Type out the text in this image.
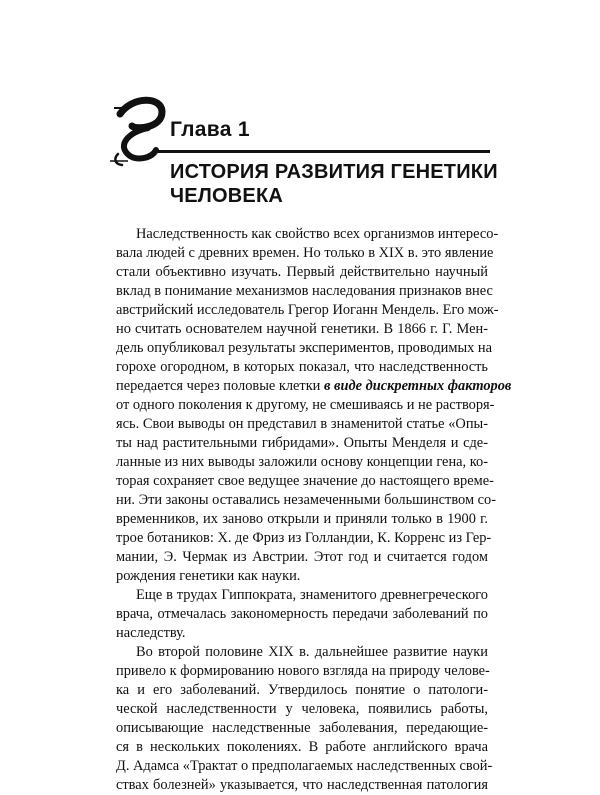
Глава 1
ИСТОРИЯ РАЗВИТИЯ ГЕНЕТИКИ
ЧЕЛОВЕКА

Наследственность как свойство всех организмов интересо-
вала людей с древних времен. Но только в XIX в. это явление
стали объективно изучать. Первый действительно научный
вклад в понимание механизмов наследования признаков внес
австрийский исследователь Грегор Иоганн Мендель. Его мож-
но считать основателем научной генетики. В 1866 г. Г. Мен-
дель опубликовал результаты экспериментов, проводимых на
горохе огородном, в которых показал, что наследственность
передается через половые клетки в виде дискретных факторов
от одного поколения к другому, не смешиваясь и не растворя-
ясь. Свои выводы он представил в знаменитой статье «Опы-
ты над растительными гибридами». Опыты Менделя и сде-
ланные из них выводы заложили основу концепции гена, ко-
торая сохраняет свое ведущее значение до настоящего време-
ни. Эти законы оставались незамеченными большинством со-
временников, их заново открыли и приняли только в 1900 г.
трое ботаников: Х. де Фриз из Голландии, К. Корренс из Гер-
мании, Э. Чермак из Австрии. Этот год и считается годом
рождения генетики как науки.

Еще в трудах Гиппократа, знаменитого древнегреческого
врача, отмечалась закономерность передачи заболеваний по
наследству.

Во второй половине XIX в. дальнейшее развитие науки
привело к формированию нового взгляда на природу челове-
ка и его заболеваний. Утвердилось понятие о патологи-
ческой наследственности у человека, появились работы,
описывающие наследственные заболевания, передающие-
ся в нескольких поколениях. В работе английского врача
Д. Адамса «Трактат о предполагаемых наследственных свой-
ствах болезней» указывается, что наследственная патология
